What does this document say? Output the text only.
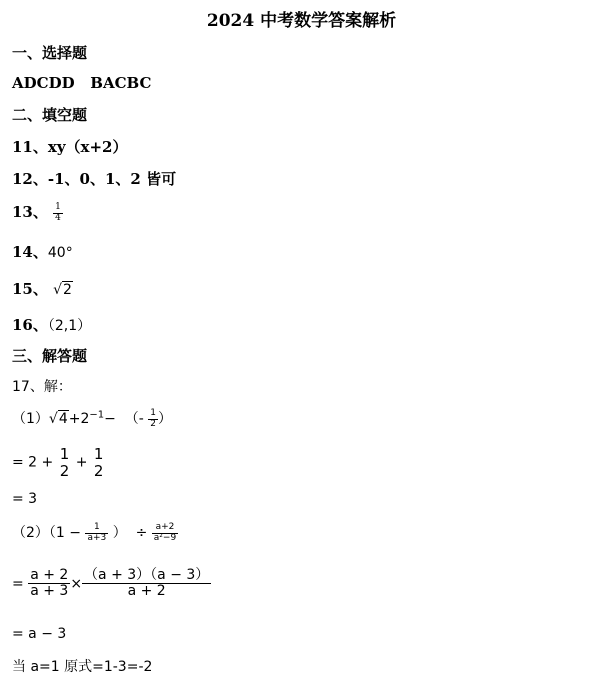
2024 中考数学答案解析
一、选择题
ADCDD   BACBC
二、填空题
11、xy（x+2）
12、-1、0、1、2 皆可
13、 $\frac{1}{4}$
14、40°
15、 √2
16、（2,1）
三、解答题
17、解：
$(1)√4+2^{-1}-$  （- $\frac{1}{2}$ ）
= 2 + 1
2 + 1
2
= 3
$(2)(1 - \frac{1}{a+3}$ ）  ÷ $\frac{a+2}{\text{a²−9}}$
= $\frac{a + 2}{a + 3} \times \frac{(a + 3)(a - 3)}{a + 2}$
= a − 3
当 a=1 原式=1-3=-2
